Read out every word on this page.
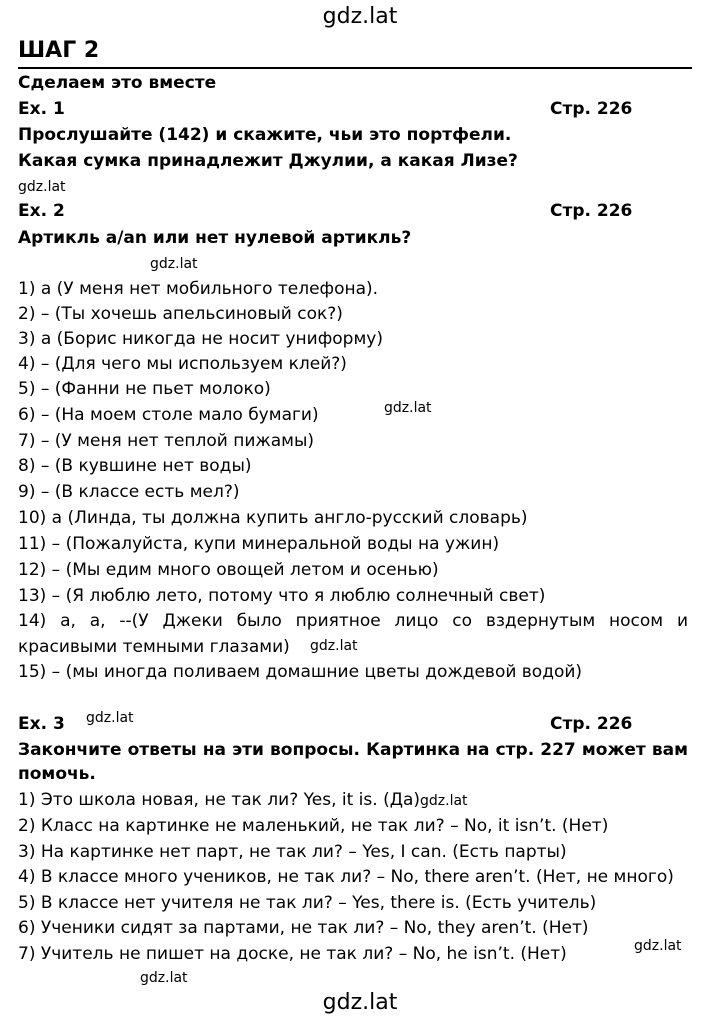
gdz.lat
ШАГ 2
Сделаем это вместе
Ex. 1	Стр. 226
Прослушайте (142) и скажите, чьи это портфели.
Какая сумка принадлежит Джулии, а какая Лизе?
gdz.lat
Ex. 2	Стр. 226
Артикль a/an или нет нулевой артикль?
gdz.lat
1) a (У меня нет мобильного телефона).
2) – (Ты хочешь апельсиновый сок?)
3) a (Борис никогда не носит униформу)
4) – (Для чего мы используем клей?)
5) – (Фанни не пьет молоко)
gdz.lat
6) – (На моем столе мало бумаги)
7) – (У меня нет теплой пижамы)
8) – (В кувшине нет воды)
9) – (В классе есть мел?)
10) a (Линда, ты должна купить англо-русский словарь)
11) – (Пожалуйста, купи минеральной воды на ужин)
12) – (Мы едим много овощей летом и осенью)
13) – (Я люблю лето, потому что я люблю солнечный свет)
14) a, a, --(У Джеки было приятное лицо со вздернутым носом и
красивыми темными глазами) gdz.lat
15) – (мы иногда поливаем домашние цветы дождевой водой)
Ex. 3 gdz.lat	Стр. 226
Закончите ответы на эти вопросы. Картинка на стр. 227 может вам
помочь.
1) Это школа новая, не так ли? Yes, it is. (Да) gdz.lat
2) Класс на картинке не маленький, не так ли? – No, it isn’t. (Нет)
3) На картинке нет парт, не так ли? – Yes, I can. (Есть парты)
4) В классе много учеников, не так ли? – No, there aren’t. (Нет, не много)
5) В классе нет учителя не так ли? – Yes, there is. (Есть учитель)
6) Ученики сидят за партами, не так ли? – No, they aren’t. (Нет)
gdz.lat
7) Учитель не пишет на доске, не так ли? – No, he isn’t. (Нет)
gdz.lat
gdz.lat
